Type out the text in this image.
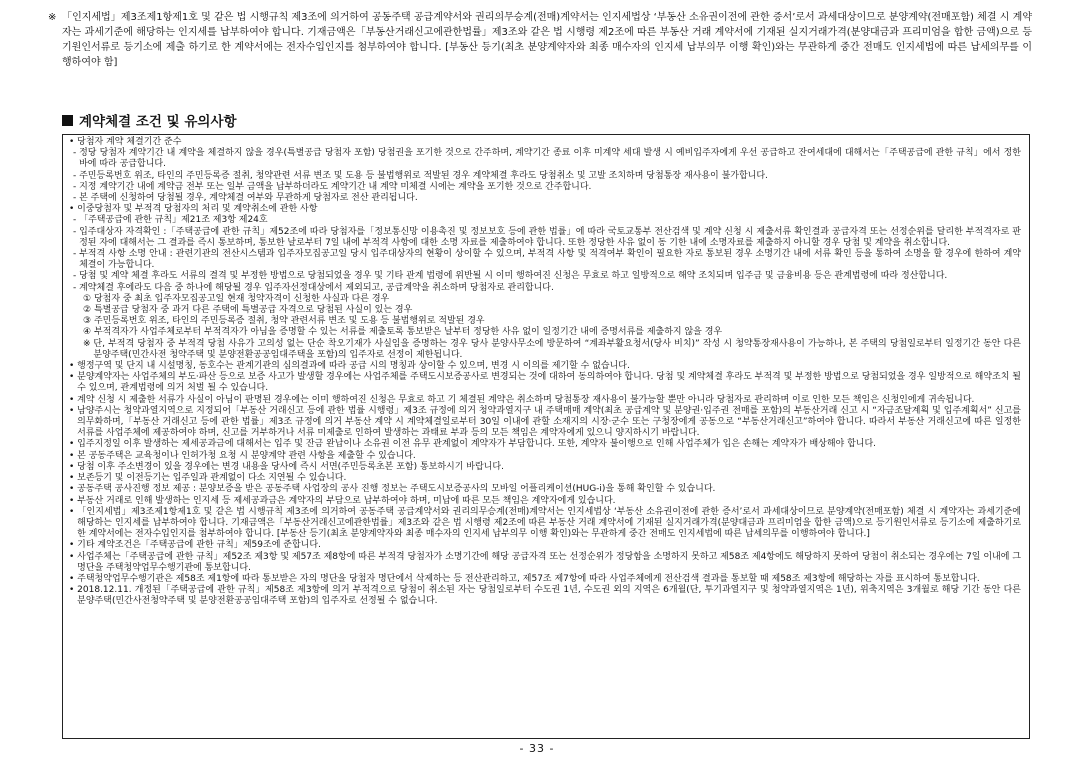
※ 「인지세법」제3조제1항제1호 및 같은 법 시행규칙 제3조에 의거하여 공동주택 공급계약서와 권리의무승계(전매)계약서는 인지세법상 ‘부동산 소유권이전에 관한 증서’로서 과세대상이므로 분양계약(전매포함) 체결 시 계약자는 과세기준에 해당하는 인지세를 납부하여야 합니다. 기재금액은「부동산거래신고에관한법률」제3조와 같은 법 시행령 제2조에 따른 부동산 거래 계약서에 기재된 실지거래가격(분양대금과 프리미엄을 합한 금액)으로 등기원인서류로 등기소에 제출 하기로 한 계약서에는 전자수입인지를 첨부하여야 합니다. [부동산 등기(최초 분양계약자와 최종 매수자의 인지세 납부의무 이행 확인)와는 무관하게 중간 전매도 인지세법에 따른 납세의무를 이행하여야 함]
계약체결 조건 및 유의사항
• 당첨자 계약 체결기간 준수
- 정당 당첨자 계약기간 내 계약을 체결하지 않을 경우(특별공급 당첨자 포함) 당첨권을 포기한 것으로 간주하며, 계약기간 종료 이후 미계약 세대 발생 시 예비입주자에게 우선 공급하고 잔여세대에 대해서는「주택공급에 관한 규칙」에서 정한 바에 따라 공급합니다.
- 주민등록번호 위조, 타인의 주민등록증 절취, 청약관련 서류 변조 및 도용 등 불법행위로 적발된 경우 계약체결 후라도 당첨취소 및 고발 조치하며 당첨통장 재사용이 불가합니다.
- 지정 계약기간 내에 계약금 전부 또는 일부 금액을 납부하더라도 계약기간 내 계약 미체결 시에는 계약을 포기한 것으로 간주합니다.
- 본 주택에 신청하여 당첨될 경우, 계약체결 여부와 무관하게 당첨자로 전산 관리됩니다.
• 이중당첨자 및 부적격 당첨자의 처리 및 계약취소에 관한 사항
- 「주택공급에 관한 규칙」제21조 제3항 제24호
- 입주대상자 자격확인 :「주택공급에 관한 규칙」제52조에 따라 당첨자를「정보통신망 이용촉진 및 정보보호 등에 관한 법률」에 따라 국토교통부 전산검색 및 계약 신청 시 제출서류 확인결과 공급자격 또는 선정순위를 달리한 부적격자로 판정된 자에 대해서는 그 결과를 즉시 통보하며, 통보한 날로부터 7일 내에 부적격 사항에 대한 소명 자료를 제출하여야 합니다. 또한 정당한 사유 없이 동 기한 내에 소명자료를 제출하지 아니할 경우 당첨 및 계약을 취소합니다.
- 부적격 사항 소명 안내 : 관련기관의 전산시스템과 입주자모집공고일 당시 입주대상자의 현황이 상이할 수 있으며, 부적격 사항 및 적격여부 확인이 필요한 자로 통보된 경우 소명기간 내에 서류 확인 등을 통하여 소명을 할 경우에 한하여 계약 체결이 가능합니다.
- 당첨 및 계약 체결 후라도 서류의 결격 및 부정한 방법으로 당첨되었을 경우 및 기타 관계 법령에 위반될 시 이미 행하여진 신청은 무효로 하고 일방적으로 해약 조치되며 입주금 및 금융비용 등은 관계법령에 따라 정산합니다.
- 계약체결 후에라도 다음 중 하나에 해당될 경우 입주자선정대상에서 제외되고, 공급계약을 취소하며 당첨자로 관리합니다.
① 당첨자 중 최초 입주자모집공고일 현재 청약자격이 신청한 사실과 다른 경우
② 특별공급 당첨자 중 과거 다른 주택에 특별공급 자격으로 당첨된 사실이 있는 경우
③ 주민등록번호 위조, 타인의 주민등록증 절취, 청약 관련서류 변조 및 도용 등 불법행위로 적발된 경우
④ 부적격자가 사업주체로부터 부적격자가 아님을 증명할 수 있는 서류를 제출토록 통보받은 날부터 정당한 사유 없이 일정기간 내에 증명서류를 제출하지 않을 경우
※ 단, 부적격 당첨자 중 부적격 당첨 사유가 고의성 없는 단순 착오기재가 사실임을 증명하는 경우 당사 분양사무소에 방문하여 “계좌부활요청서(당사 비치)” 작성 시 청약통장재사용이 가능하나, 본 주택의 당첨일로부터 일정기간 동안 다른 분양주택(민간사전 청약주택 및 분양전환공공임대주택을 포함)의 입주자로 선정이 제한됩니다.
• 행정구역 및 단지 내 시설명칭, 동호수는 관계기관의 심의결과에 따라 공급 시의 명칭과 상이할 수 있으며, 변경 시 이의를 제기할 수 없습니다.
• 분양계약자는 사업주체의 부도·파산 등으로 보증 사고가 발생할 경우에는 사업주체를 주택도시보증공사로 변경되는 것에 대하여 동의하여야 합니다. 당첨 및 계약체결 후라도 부적격 및 부정한 방법으로 당첨되었을 경우 일방적으로 해약조치 될 수 있으며, 관계법령에 의거 처벌 될 수 있습니다.
• 계약 신청 시 제출한 서류가 사실이 아님이 판명된 경우에는 이미 행하여진 신청은 무효로 하고 기 체결된 계약은 취소하며 당첨통장 재사용이 불가능할 뿐만 아니라 당첨자로 관리하며 이로 인한 모든 책임은 신청인에게 귀속됩니다.
• 남양주시는 청약과열지역으로 지정되어「부동산 거래신고 등에 관한 법률 시행령」제3조 규정에 의거 청약과열지구 내 주택매매 계약(최초 공급계약 및 분양권·입주권 전매를 포함)의 부동산거래 신고 시 “자금조달계획 및 입주계획서” 신고를 의무화하며,「부동산 거래신고 등에 관한 법률」제3조 규정에 의거 부동산 계약 시 계약체결일로부터 30일 이내에 관할 소재지의 시장·군수 또는 구청장에게 공동으로 “부동산거래신고”하여야 합니다. 따라서 부동산 거래신고에 따른 일정한 서류를 사업주체에 제공하여야 하며, 신고를 거부하거나 서류 미제출로 인하여 발생하는 과태료 부과 등의 모든 책임은 계약자에게 있으니 양지하시기 바랍니다.
• 입주지정일 이후 발생하는 제세공과금에 대해서는 입주 및 잔금 완납이나 소유권 이전 유무 관계없이 계약자가 부담합니다. 또한, 계약자 불이행으로 인해 사업주체가 입은 손해는 계약자가 배상해야 합니다.
• 본 공동주택은 교육청이나 인허가청 요청 시 분양계약 관련 사항을 제출할 수 있습니다.
• 당첨 이후 주소변경이 있을 경우에는 변경 내용을 당사에 즉시 서면(주민등록초본 포함) 통보하시기 바랍니다.
• 보존등기 및 이전등기는 입주일과 관계없이 다소 지연될 수 있습니다.
• 공동주택 공사진행 정보 제공 : 분양보증을 받은 공동주택 사업장의 공사 진행 정보는 주택도시보증공사의 모바일 어플리케이션(HUG-i)을 통해 확인할 수 있습니다.
• 부동산 거래로 인해 발생하는 인지세 등 제세공과금은 계약자의 부담으로 납부하여야 하며, 미납에 따른 모든 책임은 계약자에게 있습니다.
• 「인지세법」제3조제1항제1호 및 같은 법 시행규칙 제3조에 의거하여 공동주택 공급계약서와 권리의무승계(전매)계약서는 인지세법상 ‘부동산 소유권이전에 관한 증서’로서 과세대상이므로 분양계약(전매포함) 체결 시 계약자는 과세기준에 해당하는 인지세를 납부하여야 합니다. 기재금액은「부동산거래신고에관한법률」제3조와 같은 법 시행령 제2조에 따른 부동산 거래 계약서에 기재된 실지거래가격(분양대금과 프리미엄을 합한 금액)으로 등기원인서류로 등기소에 제출하기로 한 계약서에는 전자수입인지를 첨부하여야 합니다. [부동산 등기(최초 분양계약자와 최종 매수자의 인지세 납부의무 이행 확인)와는 무관하게 중간 전매도 인지세법에 따른 납세의무를 이행하여야 합니다.]
• 기타 계약조건은「주택공급에 관한 규칙」제59조에 준합니다.
• 사업주체는「주택공급에 관한 규칙」제52조 제3항 및 제57조 제8항에 따른 부적격 당첨자가 소명기간에 해당 공급자격 또는 선정순위가 정당함을 소명하지 못하고 제58조 제4항에도 해당하지 못하여 당첨이 취소되는 경우에는 7일 이내에 그 명단을 주택청약업무수행기관에 통보합니다.
• 주택청약업무수행기관은 제58조 제1항에 따라 통보받은 자의 명단을 당첨자 명단에서 삭제하는 등 전산관리하고, 제57조 제7항에 따라 사업주체에게 전산검색 결과를 통보할 때 제58조 제3항에 해당하는 자를 표시하여 통보합니다.
• 2018.12.11. 개정된「주택공급에 관한 규칙」제58조 제3항에 의거 부적격으로 당첨이 취소된 자는 당첨일로부터 수도권 1년, 수도권 외의 지역은 6개월(단, 투기과열지구 및 청약과열지역은 1년), 위축지역은 3개월로 해당 기간 동안 다른 분양주택(민간사전청약주택 및 분양전환공공임대주택 포함)의 입주자로 선정될 수 없습니다.
- 33 -
